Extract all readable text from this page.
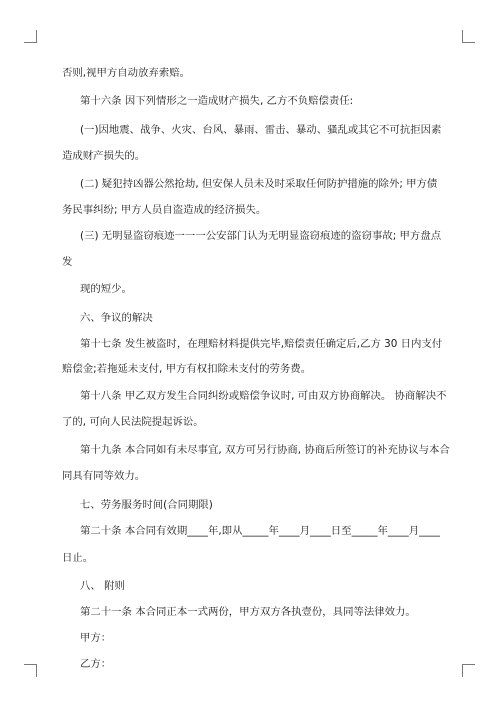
否则,视甲方自动放弃索赔。
第十六条 因下列情形之一造成财产损失, 乙方不负赔偿责任:
(一)因地震、战争、火灾、台风、暴雨、雷击、暴动、骚乱或其它不可抗拒因素
造成财产损失的。
(二) 疑犯持凶器公然抢劫, 但安保人员未及时采取任何防护措施的除外; 甲方债
务民事纠纷; 甲方人员自盗造成的经济损失。
(三) 无明显盗窃痕迹一一一公安部门认为无明显盗窃痕迹的盗窃事故; 甲方盘点
发
现的短少。
六、争议的解决
第十七条 发生被盗时，在理赔材料提供完毕,赔偿责任确定后,乙方 30 日内支付
赔偿金;若拖延未支付, 甲方有权扣除未支付的劳务费。
第十八条 甲乙双方发生合同纠纷或赔偿争议时, 可由双方协商解决。 协商解决不
了的, 可向人民法院提起诉讼。
第十九条 本合同如有未尽事宜, 双方可另行协商, 协商后所签订的补充协议与本合
同具有同等效力。
七、劳务服务时间(合同期限)
第二十条 本合同有效期____年,即从_____年____月____日至_____年____月____
日止。
八、 附则
第二十一条 本合同正本一式两份，甲方双方各执壹份，具同等法律效力。
甲方：
乙方：
